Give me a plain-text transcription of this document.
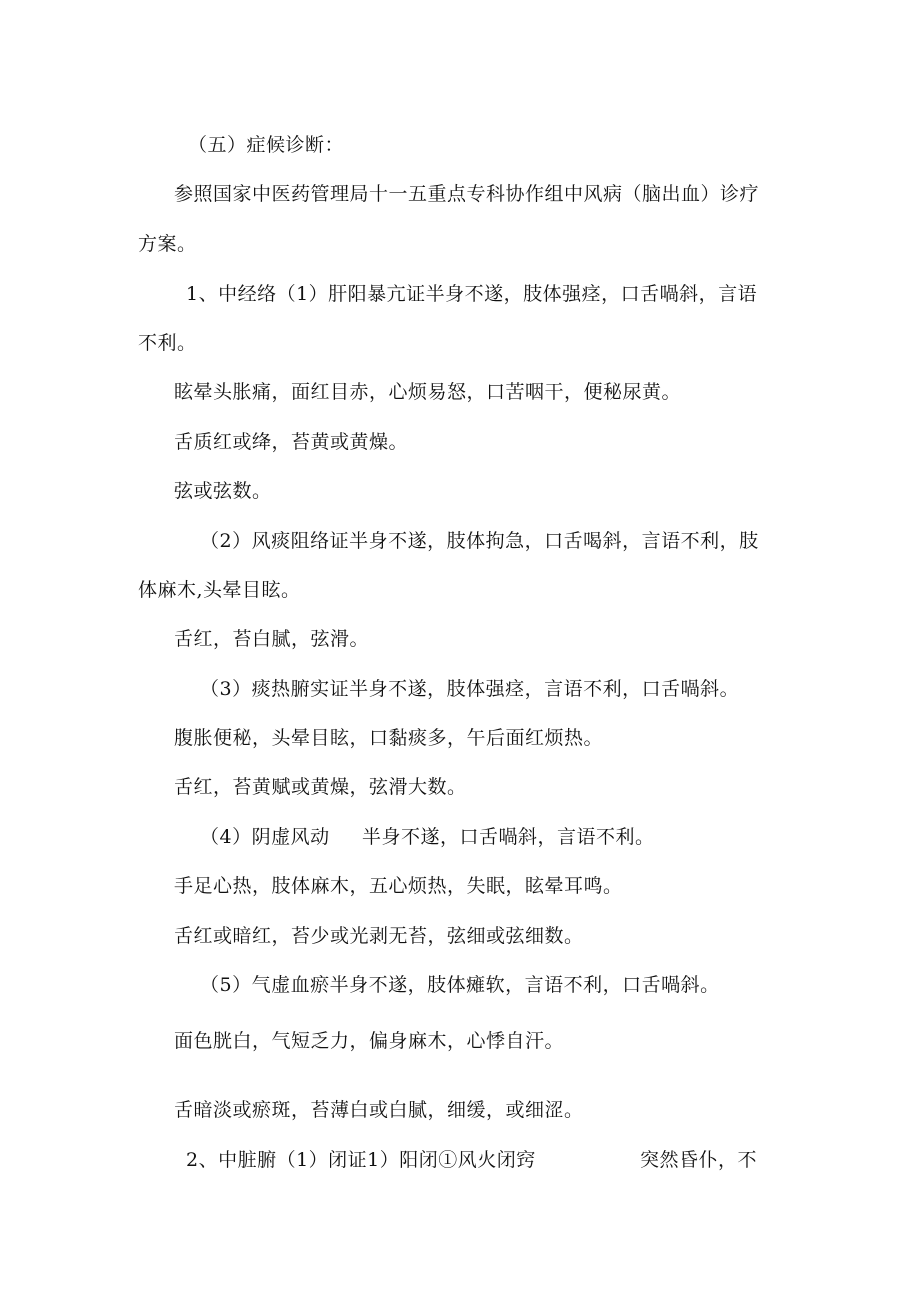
（五）症候诊断：
参照国家中医药管理局十一五重点专科协作组中风病（脑出血）诊疗
方案。
1、中经络（1）肝阳暴亢证半身不遂，肢体强痉，口舌喎斜，言语
不利。
眩晕头胀痛，面红目赤，心烦易怒，口苦咽干，便秘尿黄。
舌质红或绛，苔黄或黄燥。
弦或弦数。
（2）风痰阻络证半身不遂，肢体拘急，口舌喝斜，言语不利，肢
体麻木,头晕目眩。
舌红，苔白腻，弦滑。
（3）痰热腑实证半身不遂，肢体强痉，言语不利，口舌喎斜。
腹胀便秘，头晕目眩，口黏痰多，午后面红烦热。
舌红，苔黄赋或黄燥，弦滑大数。
（4）阴虚风动 半身不遂，口舌喎斜，言语不利。
手足心热，肢体麻木，五心烦热，失眠，眩晕耳鸣。
舌红或暗红，苔少或光剥无苔，弦细或弦细数。
（5）气虚血瘀半身不遂，肢体瘫软，言语不利，口舌喎斜。
面色胱白，气短乏力，偏身麻木，心悸自汗。
舌暗淡或瘀斑，苔薄白或白腻，细缓，或细涩。
2、中脏腑（1）闭证1）阳闭①风火闭窍	突然昏仆，不
